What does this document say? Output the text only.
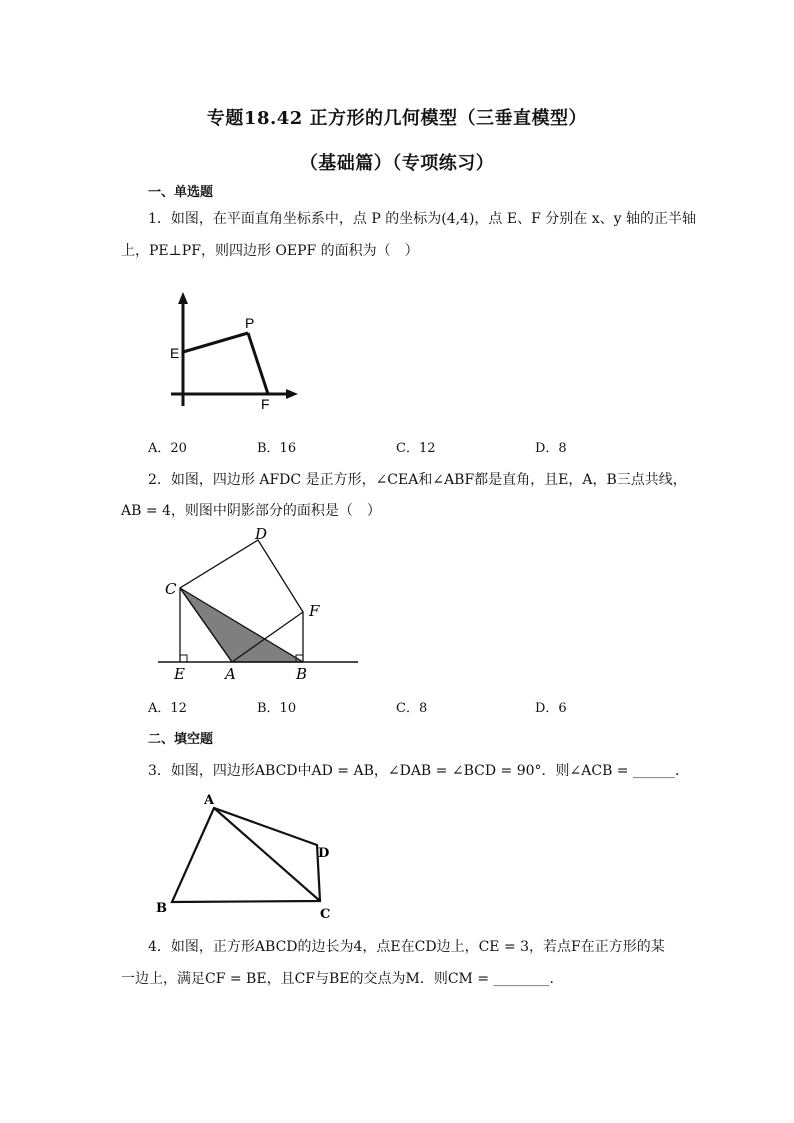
专题18.42 正方形的几何模型（三垂直模型）
（基础篇）（专项练习）
一、单选题
1．如图，在平面直角坐标系中，点 P 的坐标为(4,4)，点 E、F 分别在 x、y 轴的正半轴
上，PE⊥PF，则四边形 OEPF 的面积为（　）
P
E
F
A．20	B．16	C．12	D．8
2．如图，四边形 AFDC 是正方形，∠CEA和∠ABF都是直角，且E，A，B三点共线，
AB = 4，则图中阴影部分的面积是（　）
D
C
F
E	A	B
A．12	B．10	C．8	D．6
二、填空题
3．如图，四边形ABCD中AD = AB，∠DAB = ∠BCD = 90°．则∠ACB = ______．
A
B	C
D
4．如图，正方形ABCD的边长为4，点E在CD边上，CE = 3，若点F在正方形的某
一边上，满足CF = BE，且CF与BE的交点为M．则CM = ________．
